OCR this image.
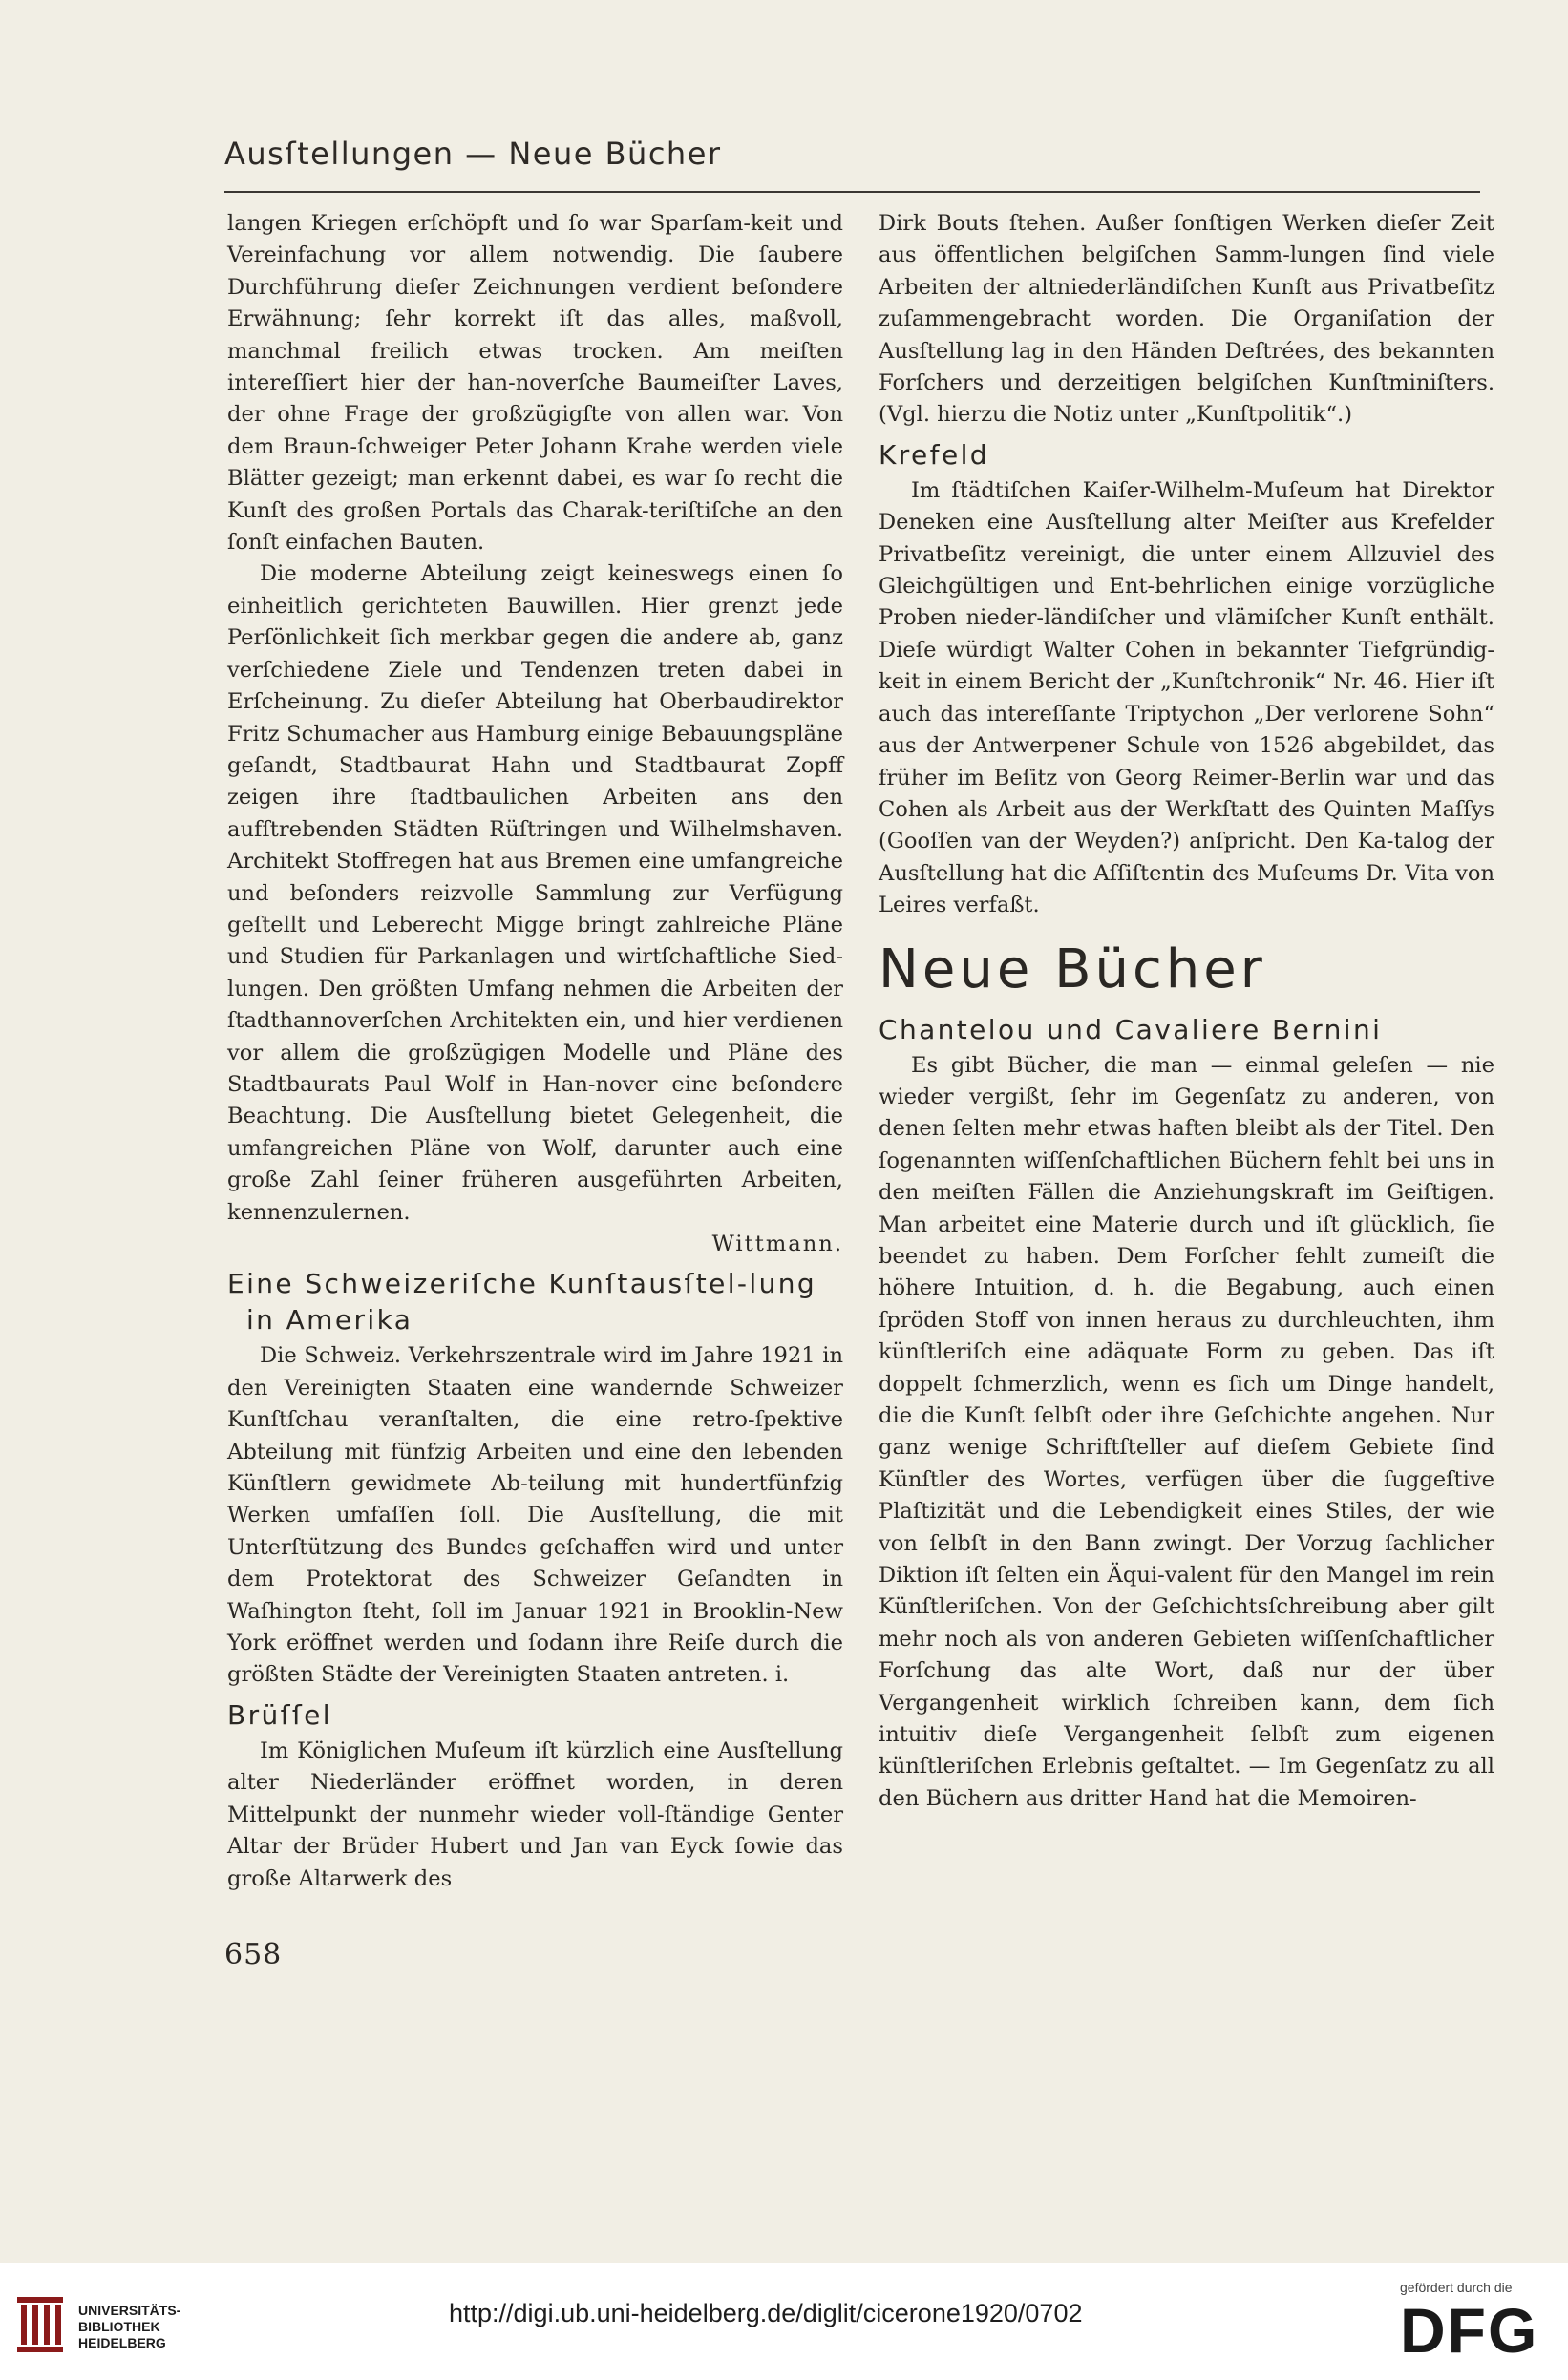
Ausſtellungen — Neue Bücher

langen Kriegen erſchöpft und ſo war Sparſam-keit und Vereinfachung vor allem notwendig. Die ſaubere Durchführung dieſer Zeichnungen verdient beſondere Erwähnung; ſehr korrekt iſt das alles, maßvoll, manchmal freilich etwas trocken. Am meiſten intereſſiert hier der han-noverſche Baumeiſter Laves, der ohne Frage der großzügigſte von allen war. Von dem Braun-ſchweiger Peter Johann Krahe werden viele Blätter gezeigt; man erkennt dabei, es war ſo recht die Kunſt des großen Portals das Charak-teriſtiſche an den ſonſt einfachen Bauten.

Die moderne Abteilung zeigt keineswegs einen ſo einheitlich gerichteten Bauwillen. Hier grenzt jede Perſönlichkeit ſich merkbar gegen die andere ab, ganz verſchiedene Ziele und Tendenzen treten dabei in Erſcheinung. Zu dieſer Abteilung hat Oberbaudirektor Fritz Schumacher aus Hamburg einige Bebauungspläne geſandt, Stadtbaurat Hahn und Stadtbaurat Zopff zeigen ihre ſtadtbaulichen Arbeiten ans den aufſtrebenden Städten Rüſtringen und Wilhelmshaven. Architekt Stoffregen hat aus Bremen eine umfangreiche und beſonders reizvolle Sammlung zur Verfügung geſtellt und Leberecht Migge bringt zahlreiche Pläne und Studien für Parkanlagen und wirtſchaftliche Sied-lungen. Den größten Umfang nehmen die Arbeiten der ſtadthannoverſchen Architekten ein, und hier verdienen vor allem die großzügigen Modelle und Pläne des Stadtbaurats Paul Wolf in Han-nover eine beſondere Beachtung. Die Ausſtellung bietet Gelegenheit, die umfangreichen Pläne von Wolf, darunter auch eine große Zahl ſeiner früheren ausgeführten Arbeiten, kennenzulernen.

Wittmann.

Eine Schweizeriſche Kunſtausſtel-lung in Amerika

Die Schweiz. Verkehrszentrale wird im Jahre 1921 in den Vereinigten Staaten eine wandernde Schweizer Kunſtſchau veranſtalten, die eine retro-ſpektive Abteilung mit fünfzig Arbeiten und eine den lebenden Künſtlern gewidmete Ab-teilung mit hundertfünfzig Werken umfaſſen ſoll. Die Ausſtellung, die mit Unterſtützung des Bundes geſchaffen wird und unter dem Protektorat des Schweizer Geſandten in Waſhington ſteht, ſoll im Januar 1921 in Brooklin-New York eröffnet werden und ſodann ihre Reiſe durch die größten Städte der Vereinigten Staaten antreten. i.

Brüſſel

Im Königlichen Muſeum iſt kürzlich eine Ausſtellung alter Niederländer eröffnet worden, in deren Mittelpunkt der nunmehr wieder voll-ſtändige Genter Altar der Brüder Hubert und Jan van Eyck ſowie das große Altarwerk des

Dirk Bouts ſtehen. Außer ſonſtigen Werken dieſer Zeit aus öffentlichen belgiſchen Samm-lungen ſind viele Arbeiten der altniederländiſchen Kunſt aus Privatbeſitz zuſammengebracht worden. Die Organiſation der Ausſtellung lag in den Händen Deſtrées, des bekannten Forſchers und derzeitigen belgiſchen Kunſtminiſters. (Vgl. hierzu die Notiz unter „Kunſtpolitik“.)

Krefeld

Im ſtädtiſchen Kaiſer-Wilhelm-Muſeum hat Direktor Deneken eine Ausſtellung alter Meiſter aus Krefelder Privatbeſitz vereinigt, die unter einem Allzuviel des Gleichgültigen und Ent-behrlichen einige vorzügliche Proben nieder-ländiſcher und vlämiſcher Kunſt enthält. Dieſe würdigt Walter Cohen in bekannter Tiefgründig-keit in einem Bericht der „Kunſtchronik“ Nr. 46. Hier iſt auch das intereſſante Triptychon „Der verlorene Sohn“ aus der Antwerpener Schule von 1526 abgebildet, das früher im Beſitz von Georg Reimer-Berlin war und das Cohen als Arbeit aus der Werkſtatt des Quinten Maſſys (Gooſſen van der Weyden?) anſpricht. Den Ka-talog der Ausſtellung hat die Aſſiſtentin des Muſeums Dr. Vita von Leires verfaßt.

Neue Bücher
Chantelou und Cavaliere Bernini

Es gibt Bücher, die man — einmal geleſen — nie wieder vergißt, ſehr im Gegenſatz zu anderen, von denen ſelten mehr etwas haften bleibt als der Titel. Den ſogenannten wiſſenſchaftlichen Büchern fehlt bei uns in den meiſten Fällen die Anziehungskraft im Geiſtigen. Man arbeitet eine Materie durch und iſt glücklich, ſie beendet zu haben. Dem Forſcher fehlt zumeiſt die höhere Intuition, d. h. die Begabung, auch einen ſpröden Stoff von innen heraus zu durchleuchten, ihm künſtleriſch eine adäquate Form zu geben. Das iſt doppelt ſchmerzlich, wenn es ſich um Dinge handelt, die die Kunſt ſelbſt oder ihre Geſchichte angehen. Nur ganz wenige Schriftſteller auf dieſem Gebiete ſind Künſtler des Wortes, verfügen über die ſuggeſtive Plaſtizität und die Lebendigkeit eines Stiles, der wie von ſelbſt in den Bann zwingt. Der Vorzug ſachlicher Diktion iſt ſelten ein Äqui-valent für den Mangel im rein Künſtleriſchen. Von der Geſchichtsſchreibung aber gilt mehr noch als von anderen Gebieten wiſſenſchaftlicher Forſchung das alte Wort, daß nur der über Vergangenheit wirklich ſchreiben kann, dem ſich intuitiv dieſe Vergangenheit ſelbſt zum eigenen künſtleriſchen Erlebnis geſtaltet. — Im Gegenſatz zu all den Büchern aus dritter Hand hat die Memoiren-

658
UNIVERSITÄTS-
BIBLIOTHEK
HEIDELBERG
http://digi.ub.uni-heidelberg.de/diglit/cicerone1920/0702
gefördert durch die
DFG
